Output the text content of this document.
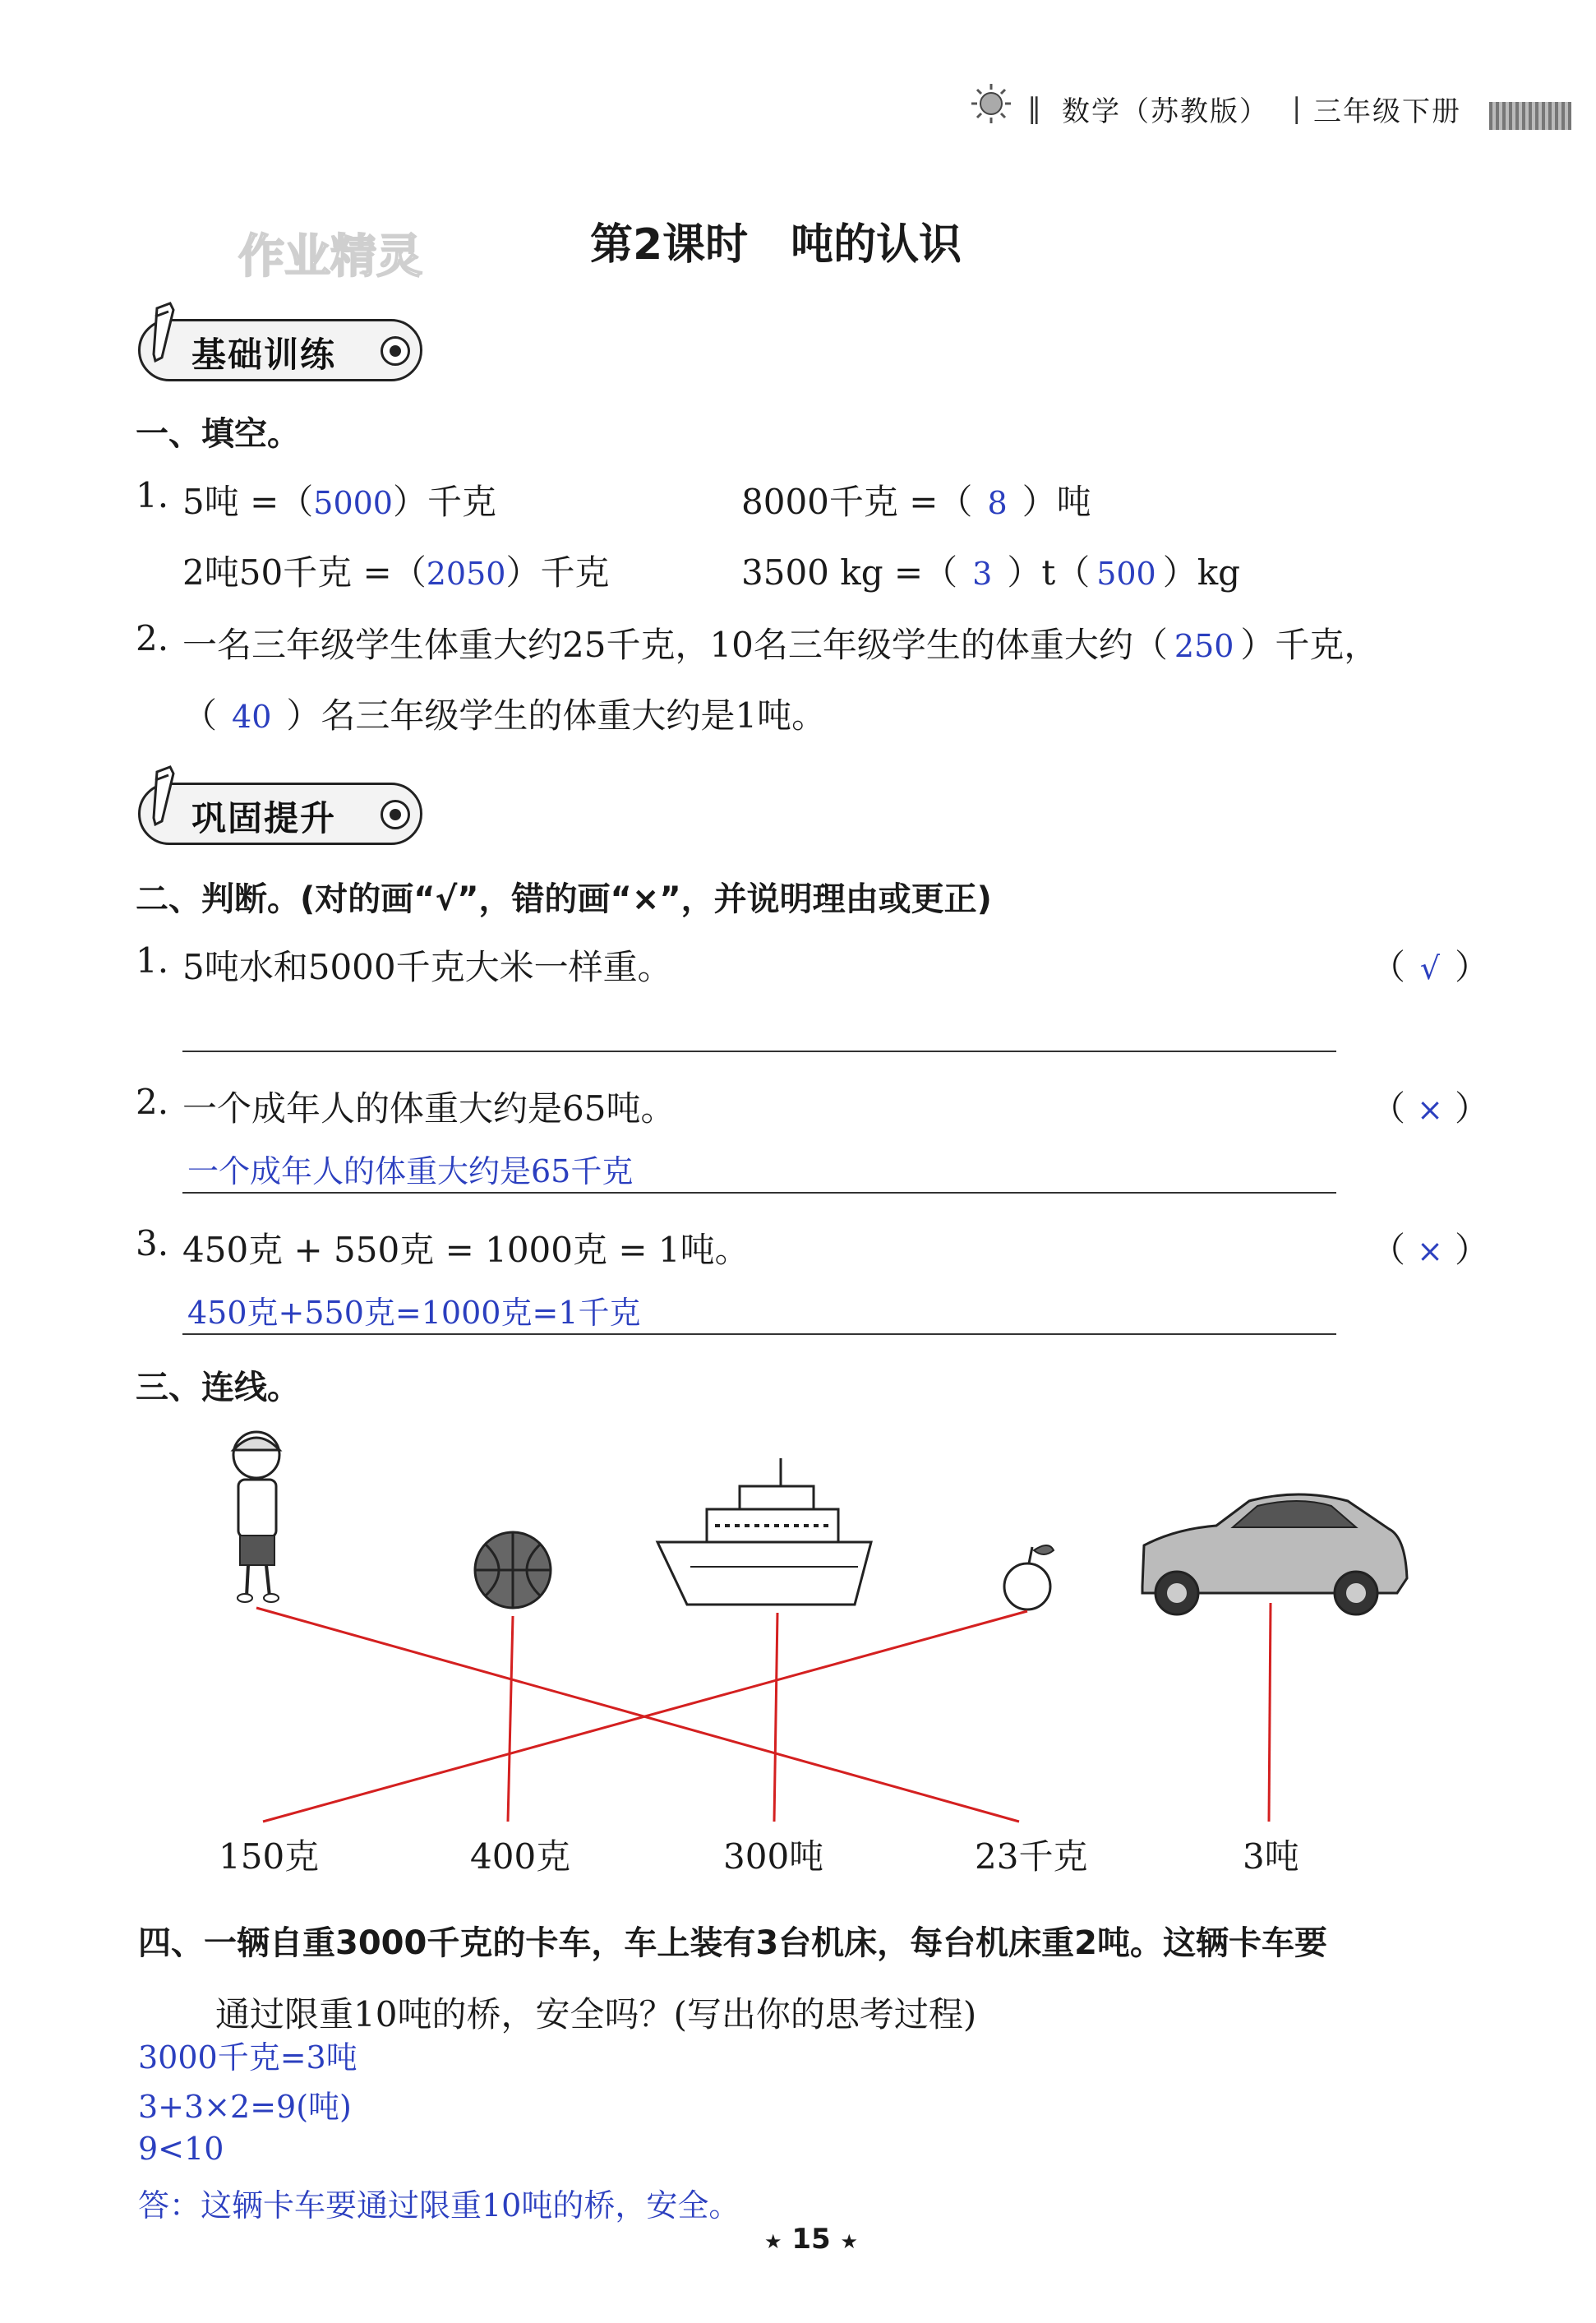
‖ 数学（苏教版） | 三年级下册
作业精灵	第2课时　吨的认识
基础训练
一、填空。
1. 5吨 =（5000）千克	8000千克 =（ 8 ）吨
2吨50千克 =（2050）千克	3500 kg =（ 3 ）t（ 500 ）kg
2. 一名三年级学生体重大约25千克，10名三年级学生的体重大约（ 250 ）千克，
（ 40 ）名三年级学生的体重大约是1吨。
巩固提升
二、判断。(对的画“√”，错的画“×”，并说明理由或更正)
1. 5吨水和5000千克大米一样重。	（ √ ）
2. 一个成年人的体重大约是65吨。	（ × ）
一个成年人的体重大约是65千克
3. 450克 + 550克 = 1000克 = 1吨。	（ × ）
450克+550克=1000克=1千克
三、连线。
150克	400克	300吨	23千克	3吨
四、一辆自重3000千克的卡车，车上装有3台机床，每台机床重2吨。这辆卡车要
通过限重10吨的桥，安全吗？(写出你的思考过程)
3000千克=3吨
3+3×2=9(吨)
9<10
答：这辆卡车要通过限重10吨的桥，安全。
★ 15 ★
